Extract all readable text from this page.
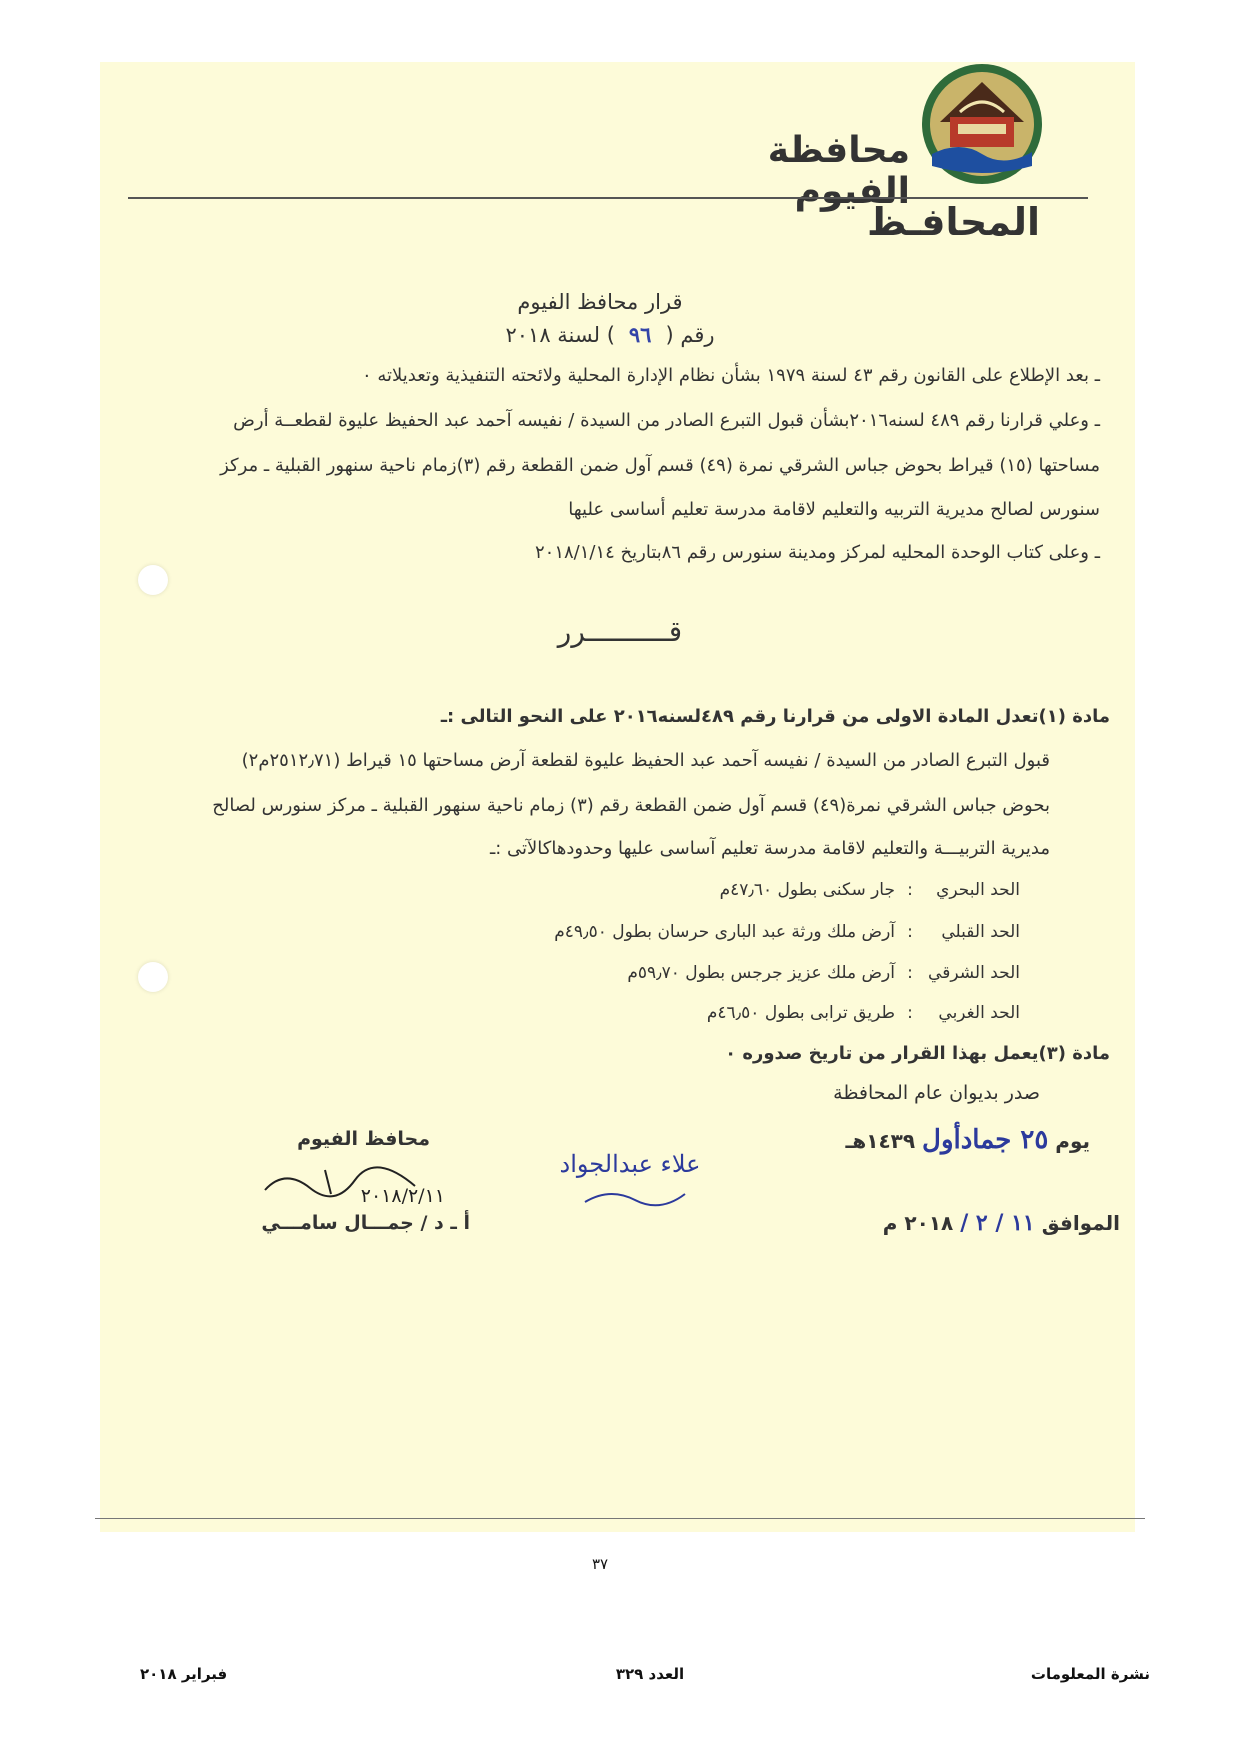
محافظة الفيوم
المحافـظ
قرار محافظ الفيوم
رقم (٩٦) لسنة ٢٠١٨
ـ بعد الإطلاع على القانون رقم ٤٣ لسنة ١٩٧٩ بشأن نظام الإدارة المحلية ولائحته التنفيذية وتعديلاته ٠
ـ وعلي قرارنا رقم ٤٨٩ لسنه٢٠١٦بشأن قبول التبرع الصادر من السيدة / نفيسه آحمد عبد الحفيظ عليوة لقطعــة أرض
مساحتها (١٥) قيراط بحوض جباس الشرقي نمرة (٤٩) قسم آول ضمن القطعة رقم (٣)زمام ناحية سنهور القبلية ـ مركز
سنورس لصالح مديرية التربيه والتعليم لاقامة مدرسة تعليم أساسى عليها
ـ وعلى كتاب الوحدة المحليه لمركز ومدينة سنورس رقم ٨٦بتاريخ ٢٠١٨/١/١٤
قــــــــــرر
مادة (١)تعدل المادة الاولى من قرارنا رقم ٤٨٩لسنه٢٠١٦ على النحو التالى :ـ
قبول التبرع الصادر من السيدة / نفيسه آحمد عبد الحفيظ عليوة لقطعة آرض مساحتها ١٥ قيراط (٢٥١٢٫٧١م٢)
بحوض جباس الشرقي نمرة(٤٩) قسم آول ضمن القطعة رقم (٣) زمام ناحية سنهور القبلية ـ مركز سنورس لصالح
مديرية التربيـــة والتعليم لاقامة مدرسة تعليم آساسى عليها وحدودهاكالآتى :ـ
الحد البحري:جار سكنى بطول ٤٧٫٦٠م
الحد القبلي:آرض ملك ورثة عبد البارى حرسان بطول ٤٩٫٥٠م
الحد الشرقي:آرض ملك عزيز جرجس بطول ٥٩٫٧٠م
الحد الغربي:طريق ترابى بطول ٤٦٫٥٠م
مادة (٣)يعمل بهذا القرار من تاريخ صدوره ٠
صدر بديوان عام المحافظة
يوم ٢٥ جمادأول ١٤٣٩هـ
الموافق ١١ / ٢ / ٢٠١٨ م
محافظ الفيوم
علاء عبدالجواد
٢٠١٨/٢/١١
أ ـ د / جمـــال سامـــي
٣٧
فبراير ٢٠١٨	العدد ٣٢٩	نشرة المعلومات
